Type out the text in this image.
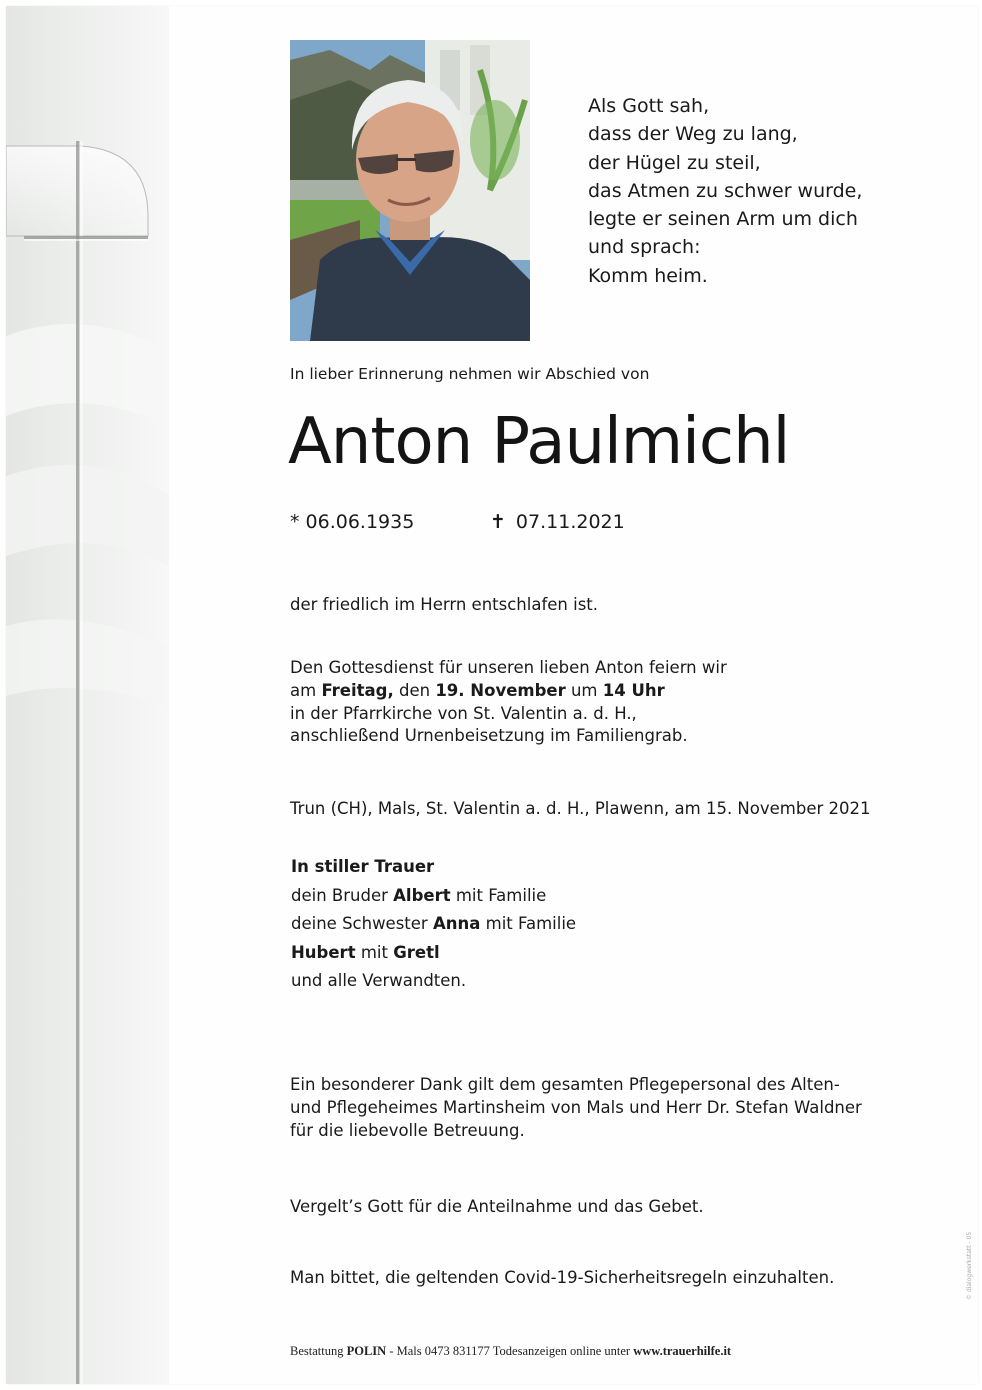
Als Gott sah,
dass der Weg zu lang,
der Hügel zu steil,
das Atmen zu schwer wurde,
legte er seinen Arm um dich
und sprach:
Komm heim.
In lieber Erinnerung nehmen wir Abschied von
Anton Paulmichl
* 06.06.1935	✝ 07.11.2021
der friedlich im Herrn entschlafen ist.
Den Gottesdienst für unseren lieben Anton feiern wir
am Freitag, den 19. November um 14 Uhr
in der Pfarrkirche von St. Valentin a. d. H.,
anschließend Urnenbeisetzung im Familiengrab.
Trun (CH), Mals, St. Valentin a. d. H., Plawenn, am 15. November 2021
In stiller Trauer
dein Bruder Albert mit Familie
deine Schwester Anna mit Familie
Hubert mit Gretl
und alle Verwandten.
Ein besonderer Dank gilt dem gesamten Pflegepersonal des Alten-
und Pflegeheimes Martinsheim von Mals und Herr Dr. Stefan Waldner
für die liebevolle Betreuung.
Vergelt’s Gott für die Anteilnahme und das Gebet.
Man bittet, die geltenden Covid-19-Sicherheitsregeln einzuhalten.
Bestattung POLIN - Mals 0473 831177 Todesanzeigen online unter www.trauerhilfe.it
© dialogwerkstatt - 05
